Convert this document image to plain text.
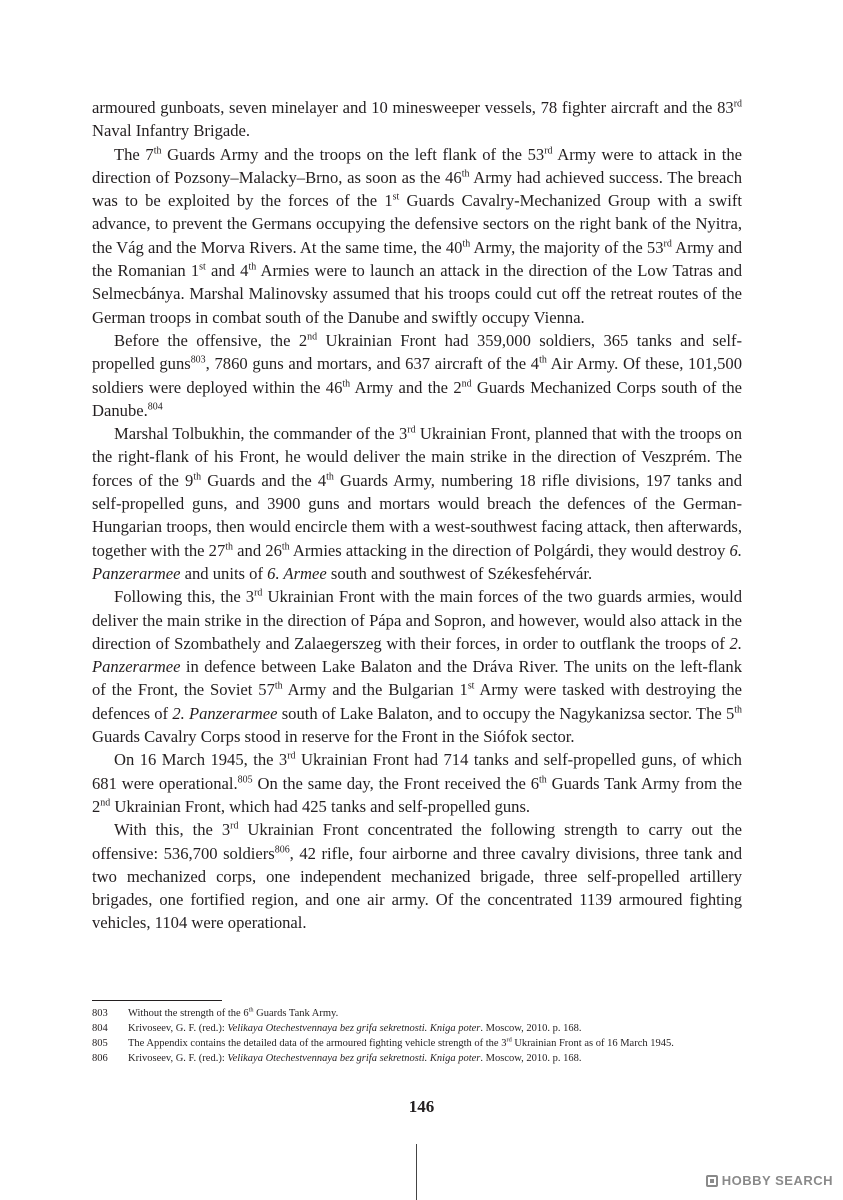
armoured gunboats, seven minelayer and 10 minesweeper vessels, 78 fighter aircraft and the 83rd Naval Infantry Brigade.

The 7th Guards Army and the troops on the left flank of the 53rd Army were to attack in the direction of Pozsony–Malacky–Brno, as soon as the 46th Army had achieved success. The breach was to be exploited by the forces of the 1st Guards Cavalry-Mechanized Group with a swift advance, to prevent the Germans occupying the defensive sectors on the right bank of the Nyitra, the Vág and the Morva Rivers. At the same time, the 40th Army, the majority of the 53rd Army and the Romanian 1st and 4th Armies were to launch an attack in the direction of the Low Tatras and Selmecbánya. Marshal Malinovsky assumed that his troops could cut off the retreat routes of the German troops in combat south of the Danube and swiftly occupy Vienna.

Before the offensive, the 2nd Ukrainian Front had 359,000 soldiers, 365 tanks and self-propelled guns$^{803}$, 7860 guns and mortars, and 637 aircraft of the 4th Air Army. Of these, 101,500 soldiers were deployed within the 46th Army and the 2nd Guards Mechanized Corps south of the Danube.$^{804}$

Marshal Tolbukhin, the commander of the 3rd Ukrainian Front, planned that with the troops on the right-flank of his Front, he would deliver the main strike in the direction of Veszprém. The forces of the 9th Guards and the 4th Guards Army, numbering 18 rifle divisions, 197 tanks and self-propelled guns, and 3900 guns and mortars would breach the defences of the German-Hungarian troops, then would encircle them with a west-southwest facing attack, then afterwards, together with the 27th and 26th Armies attacking in the direction of Polgárdi, they would destroy 6. Panzerarmee and units of 6. Armee south and southwest of Székesfehérvár.

Following this, the 3rd Ukrainian Front with the main forces of the two guards armies, would deliver the main strike in the direction of Pápa and Sopron, and however, would also attack in the direction of Szombathely and Zalaegerszeg with their forces, in order to outflank the troops of 2. Panzerarmee in defence between Lake Balaton and the Dráva River. The units on the left-flank of the Front, the Soviet 57th Army and the Bulgarian 1st Army were tasked with destroying the defences of 2. Panzerarmee south of Lake Balaton, and to occupy the Nagykanizsa sector. The 5th Guards Cavalry Corps stood in reserve for the Front in the Siófok sector.

On 16 March 1945, the 3rd Ukrainian Front had 714 tanks and self-propelled guns, of which 681 were operational.$^{805}$ On the same day, the Front received the 6th Guards Tank Army from the 2nd Ukrainian Front, which had 425 tanks and self-propelled guns.

With this, the 3rd Ukrainian Front concentrated the following strength to carry out the offensive: 536,700 soldiers$^{806}$, 42 rifle, four airborne and three cavalry divisions, three tank and two mechanized corps, one independent mechanized brigade, three self-propelled artillery brigades, one fortified region, and one air army. Of the concentrated 1139 armoured fighting vehicles, 1104 were operational.

803	Without the strength of the 6th Guards Tank Army.
804	Krivoseev, G. F. (red.): Velikaya Otechestvennaya bez grifa sekretnosti. Kniga poter. Moscow, 2010. p. 168.
805	The Appendix contains the detailed data of the armoured fighting vehicle strength of the 3rd Ukrainian Front as of 16 March 1945.
806	Krivoseev, G. F. (red.): Velikaya Otechestvennaya bez grifa sekretnosti. Kniga poter. Moscow, 2010. p. 168.
146
HOBBY SEARCH
